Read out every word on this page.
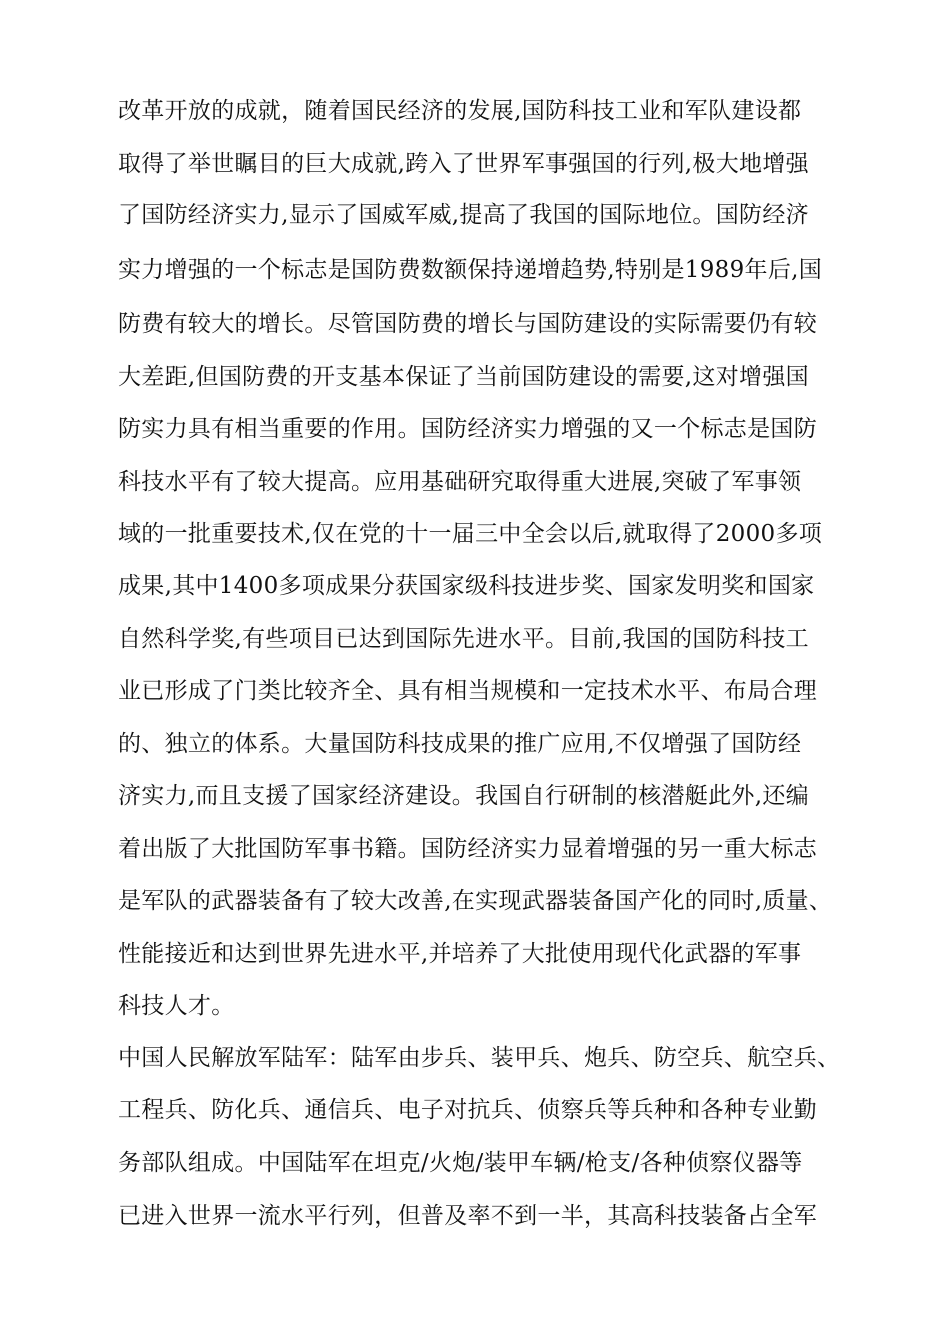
改革开放的成就，随着国民经济的发展,国防科技工业和军队建设都
取得了举世瞩目的巨大成就,跨入了世界军事强国的行列,极大地增强
了国防经济实力,显示了国威军威,提高了我国的国际地位。国防经济
实力增强的一个标志是国防费数额保持递增趋势,特别是1989年后,国
防费有较大的增长。尽管国防费的增长与国防建设的实际需要仍有较
大差距,但国防费的开支基本保证了当前国防建设的需要,这对增强国
防实力具有相当重要的作用。国防经济实力增强的又一个标志是国防
科技水平有了较大提高。应用基础研究取得重大进展,突破了军事领
域的一批重要技术,仅在党的十一届三中全会以后,就取得了2000多项
成果,其中1400多项成果分获国家级科技进步奖、国家发明奖和国家
自然科学奖,有些项目已达到国际先进水平。目前,我国的国防科技工
业已形成了门类比较齐全、具有相当规模和一定技术水平、布局合理
的、独立的体系。大量国防科技成果的推广应用,不仅增强了国防经
济实力,而且支援了国家经济建设。我国自行研制的核潜艇此外,还编
着出版了大批国防军事书籍。国防经济实力显着增强的另一重大标志
是军队的武器装备有了较大改善,在实现武器装备国产化的同时,质量、
性能接近和达到世界先进水平,并培养了大批使用现代化武器的军事
科技人才。
中国人民解放军陆军：陆军由步兵、装甲兵、炮兵、防空兵、航空兵、
工程兵、防化兵、通信兵、电子对抗兵、侦察兵等兵种和各种专业勤
务部队组成。中国陆军在坦克/火炮/装甲车辆/枪支/各种侦察仪器等
已进入世界一流水平行列，但普及率不到一半，其高科技装备占全军
